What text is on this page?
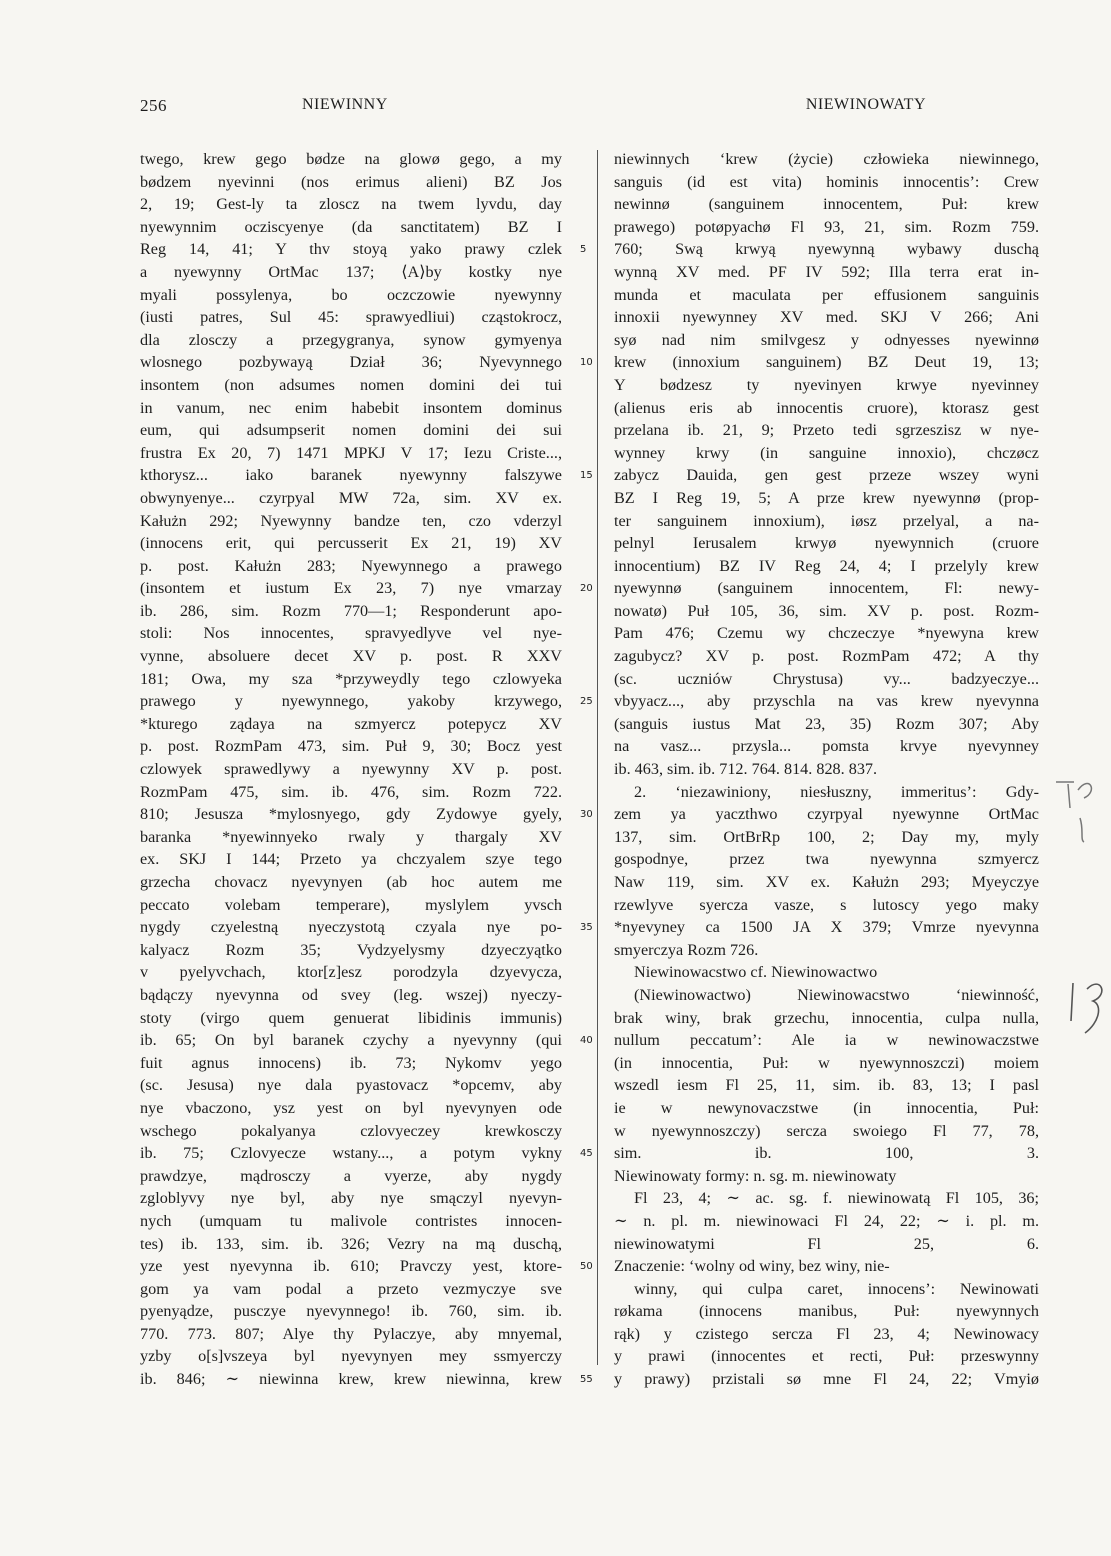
256	NIEWINNY	NIEWINOWATY
twego, krew gego bødze na glowø gego, a my
bødzem nyevinni (nos erimus alieni) BZ Jos
2, 19; Gest-ly ta zloscz na twem lyvdu, day
nyewynnim ocziscyenye (da sanctitatem) BZ I
Reg 14, 41; Y thv stoyą yako prawy czlek
a nyewynny OrtMac 137; ⟨A⟩by kostky nye
myali possylenya, bo oczczowie nyewynny
(iusti patres, Sul 45: sprawyedliui) cząstokrocz,
dla zlosczy a przegygranya, synow gymyenya
wlosnego pozbywayą Dział 36; Nyevynnego
insontem (non adsumes nomen domini dei tui
in vanum, nec enim habebit insontem dominus
eum, qui adsumpserit nomen domini dei sui
frustra Ex 20, 7) 1471 MPKJ V 17; Iezu Criste...,
kthorysz... iako baranek nyewynny falszywe
obwynyenye... czyrpyal MW 72a, sim. XV ex.
Kałużn 292; Nyewynny bandze ten, czo vderzyl
(innocens erit, qui percusserit Ex 21, 19) XV
p. post. Kałużn 283; Nyewynnego a prawego
(insontem et iustum Ex 23, 7) nye vmarzay
ib. 286, sim. Rozm 770—1; Responderunt apo-
stoli: Nos innocentes, spravyedlyve vel nye-
vynne, absoluere decet XV p. post. R XXV
181; Owa, my sza *przyweydly tego czlowyeka
prawego y nyewynnego, yakoby krzywego,
*kturego ządaya na szmyercz potepycz XV
p. post. RozmPam 473, sim. Puł 9, 30; Bocz yest
czlowyek sprawedlywy a nyewynny XV p. post.
RozmPam 475, sim. ib. 476, sim. Rozm 722.
810; Jesusza *mylosnyego, gdy Zydowye gyely,
baranka *nyewinnyeko rwaly y thargaly XV
ex. SKJ I 144; Przeto ya chczyalem szye tego
grzecha chovacz nyevynyen (ab hoc autem me
peccato volebam temperare), myslylem yvsch
nygdy czyelestną nyeczystotą czyala nye po-
kalyacz Rozm 35; Vydzyelysmy dzyeczyątko
v pyelyvchach, ktor[z]esz porodzyla dzyevycza,
bądączy nyevynna od svey (leg. wszej) nyeczy-
stoty (virgo quem genuerat libidinis immunis)
ib. 65; On byl baranek czychy a nyevynny (qui
fuit agnus innocens) ib. 73; Nykomv yego
(sc. Jesusa) nye dala pyastovacz *opcemv, aby
nye vbaczono, ysz yest on byl nyevynyen ode
wschego pokalyanya czlovyeczey krewkosczy
ib. 75; Czlovyecze wstany..., a potym vykny
prawdzye, mądrosczy a vyerze, aby nygdy
zgloblyvy nye byl, aby nye smączyl nyevyn-
nych (umquam tu malivole contristes innocen-
tes) ib. 133, sim. ib. 326; Vezry na mą duschą,
yze yest nyevynna ib. 610; Pravczy yest, ktore-
gom ya vam podal a przeto vezmyczye sve
pyenyądze, pusczye nyevynnego! ib. 760, sim. ib.
770. 773. 807; Alye thy Pylaczye, aby mnyemal,
yzby o[s]vszeya byl nyevynyen mey ssmyerczy
ib. 846; ∼ niewinna krew, krew niewinna, krew
5
10
15
20
25
30
35
40
45
50
55
niewinnych ‘krew (życie) człowieka niewinnego,
sanguis (id est vita) hominis innocentis’: Crew
newinnø (sanguinem innocentem, Puł: krew
prawego) potøpyachø Fl 93, 21, sim. Rozm 759.
760; Swą krwyą nyewynną wybawy duschą
wynną XV med. PF IV 592; Illa terra erat in-
munda et maculata per effusionem sanguinis
innoxii nyewynney XV med. SKJ V 266; Ani
syø nad nim smilvgesz y odnyesses nyewinnø
krew (innoxium sanguinem) BZ Deut 19, 13;
Y bødzesz ty nyevinyen krwye nyevinney
(alienus eris ab innocentis cruore), ktorasz gest
przelana ib. 21, 9; Przeto tedi sgrzeszisz w nye-
wynney krwy (in sanguine innoxio), chczøcz
zabycz Dauida, gen gest przeze wszey wyni
BZ I Reg 19, 5; A prze krew nyewynnø (prop-
ter sanguinem innoxium), iøsz przelyal, a na-
pelnyl Ierusalem krwyø nyewynnich (cruore
innocentium) BZ IV Reg 24, 4; I przelyly krew
nyewynnø (sanguinem innocentem, Fl: newy-
nowatø) Puł 105, 36, sim. XV p. post. Rozm-
Pam 476; Czemu wy chczeczye *nyewyna krew
zagubycz? XV p. post. RozmPam 472; A thy
(sc. uczniów Chrystusa) vy... badzyeczye...
vbyyacz..., aby przyschla na vas krew nyevynna
(sanguis iustus Mat 23, 35) Rozm 307; Aby
na vasz... przysla... pomsta krvye nyevynney
ib. 463, sim. ib. 712. 764. 814. 828. 837.
2. ‘niezawiniony, niesłuszny, immeritus’: Gdy-
zem ya yaczthwo czyrpyal nyewynne OrtMac
137, sim. OrtBrRp 100, 2; Day my, myly
gospodnye, przez twa nyewynna szmyercz
Naw 119, sim. XV ex. Kałużn 293; Myeyczye
rzewlyve syercza vasze, s lutoscy yego maky
*nyevyney ca 1500 JA X 379; Vmrze nyevynna
smyerczya Rozm 726.
Niewinowacstwo cf. Niewinowactwo
(Niewinowactwo) Niewinowacstwo ‘niewinność,
brak winy, brak grzechu, innocentia, culpa nulla,
nullum peccatum’: Ale ia w newinowaczstwe
(in innocentia, Puł: w nyewynnoszczi) moiem
wszedl iesm Fl 25, 11, sim. ib. 83, 13; I pasl
ie w newynovaczstwe (in innocentia, Puł:
w nyewynnoszczy) sercza swoiego Fl 77, 78,
sim. ib. 100, 3.
Niewinowaty formy: n. sg. m. niewinowaty
Fl 23, 4; ∼ ac. sg. f. niewinowatą Fl 105, 36;
∼ n. pl. m. niewinowaci Fl 24, 22; ∼ i. pl. m.
niewinowatymi Fl 25, 6.
Znaczenie: ‘wolny od winy, bez winy, nie-
winny, qui culpa caret, innocens’: Newinowati
røkama (innocens manibus, Puł: nyewynnych
rąk) y czistego sercza Fl 23, 4; Newinowacy
y prawi (innocentes et recti, Puł: przeswynny
y prawy) przistali sø mne Fl 24, 22; Vmyiø
